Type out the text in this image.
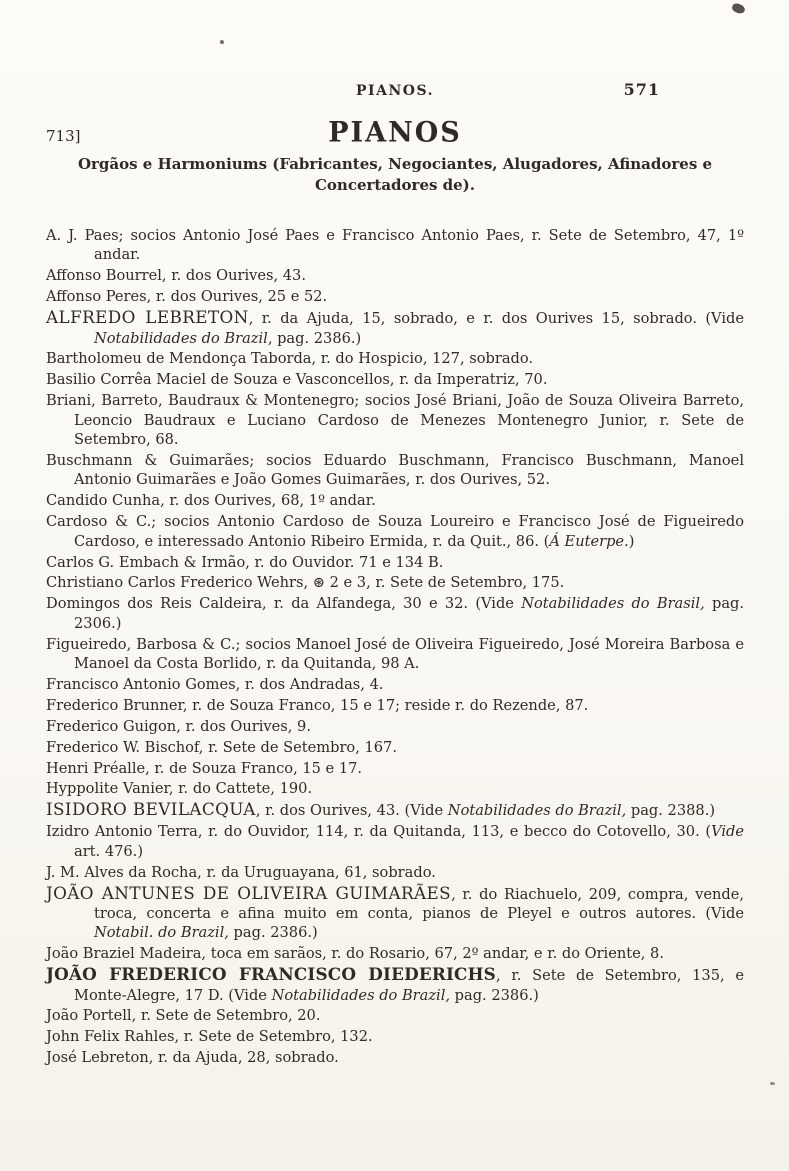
PIANOS.	571
713]	PIANOS
Orgãos e Harmoniums (Fabricantes, Negociantes, Alugadores, Afinadores e Concertadores de).

A. J. Paes; socios Antonio José Paes e Francisco Antonio Paes, r. Sete de Setembro, 47, 1º andar.

Affonso Bourrel, r. dos Ourives, 43.

Affonso Peres, r. dos Ourives, 25 e 52.

ALFREDO LEBRETON, r. da Ajuda, 15, sobrado, e r. dos Ourives 15, sobrado. (Vide Notabilidades do Brazil, pag. 2386.)

Bartholomeu de Mendonça Taborda, r. do Hospicio, 127, sobrado.

Basilio Corrêa Maciel de Souza e Vasconcellos, r. da Imperatriz, 70.

Briani, Barreto, Baudraux & Montenegro; socios José Briani, João de Souza Oliveira Barreto, Leoncio Baudraux e Luciano Cardoso de Menezes Montenegro Junior, r. Sete de Setembro, 68.

Buschmann & Guimarães; socios Eduardo Buschmann, Francisco Buschmann, Manoel Antonio Guimarães e João Gomes Guimarães, r. dos Ourives, 52.

Candido Cunha, r. dos Ourives, 68, 1º andar.

Cardoso & C.; socios Antonio Cardoso de Souza Loureiro e Francisco José de Figueiredo Cardoso, e interessado Antonio Ribeiro Ermida, r. da Quit., 86. (Á Euterpe.)

Carlos G. Embach & Irmão, r. do Ouvidor. 71 e 134 B.

Christiano Carlos Frederico Wehrs, ⊛ 2 e 3, r. Sete de Setembro, 175.

Domingos dos Reis Caldeira, r. da Alfandega, 30 e 32. (Vide Notabilidades do Brasil, pag. 2306.)

Figueiredo, Barbosa & C.; socios Manoel José de Oliveira Figueiredo, José Moreira Barbosa e Manoel da Costa Borlido, r. da Quitanda, 98 A.

Francisco Antonio Gomes, r. dos Andradas, 4.

Frederico Brunner, r. de Souza Franco, 15 e 17; reside r. do Rezende, 87.

Frederico Guigon, r. dos Ourives, 9.

Frederico W. Bischof, r. Sete de Setembro, 167.

Henri Préalle, r. de Souza Franco, 15 e 17.

Hyppolite Vanier, r. do Cattete, 190.

ISIDORO BEVILACQUA, r. dos Ourives, 43. (Vide Notabilidades do Brazil, pag. 2388.)

Izidro Antonio Terra, r. do Ouvidor, 114, r. da Quitanda, 113, e becco do Cotovello, 30. (Vide art. 476.)

J. M. Alves da Rocha, r. da Uruguayana, 61, sobrado.

JOÃO ANTUNES DE OLIVEIRA GUIMARÃES, r. do Riachuelo, 209, compra, vende, troca, concerta e afina muito em conta, pianos de Pleyel e outros autores. (Vide Notabil. do Brazil, pag. 2386.)

João Braziel Madeira, toca em sarãos, r. do Rosario, 67, 2º andar, e r. do Oriente, 8.

JOÃO FREDERICO FRANCISCO DIEDERICHS, r. Sete de Setembro, 135, e Monte-Alegre, 17 D. (Vide Notabilidades do Brazil, pag. 2386.)

João Portell, r. Sete de Setembro, 20.

John Felix Rahles, r. Sete de Setembro, 132.

José Lebreton, r. da Ajuda, 28, sobrado.
